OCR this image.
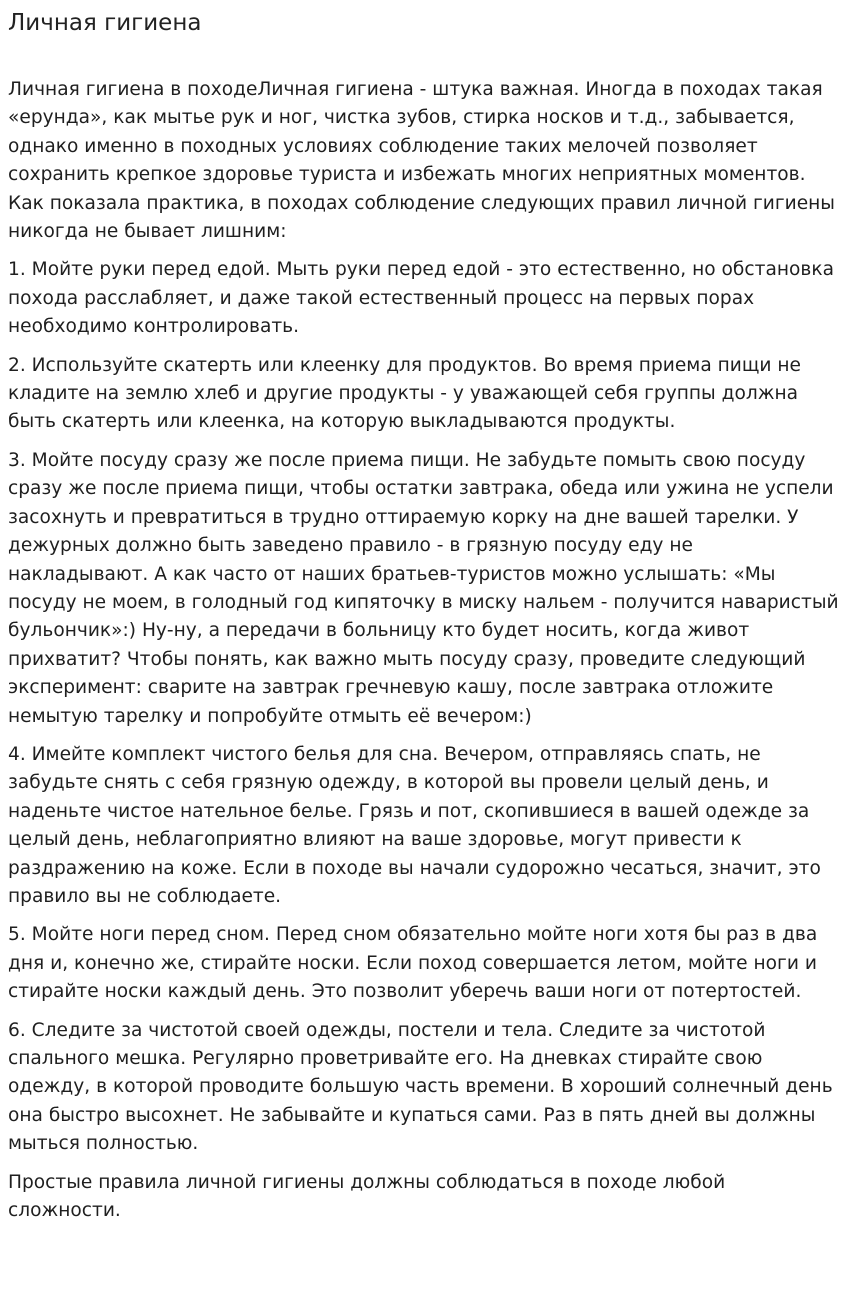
Личная гигиена

Личная гигиена в походеЛичная гигиена - штука важная. Иногда в походах такая «ерунда», как мытье рук и ног, чистка зубов, стирка носков и т.д., забывается, однако именно в походных условиях соблюдение таких мелочей позволяет сохранить крепкое здоровье туриста и избежать многих неприятных моментов. Как показала практика, в походах соблюдение следующих правил личной гигиены никогда не бывает лишним:

1. Мойте руки перед едой. Мыть руки перед едой - это естественно, но обстановка похода расслабляет, и даже такой естественный процесс на первых порах необходимо контролировать.

2. Используйте скатерть или клеенку для продуктов. Во время приема пищи не кладите на землю хлеб и другие продукты - у уважающей себя группы должна быть скатерть или клеенка, на которую выкладываются продукты.

3. Мойте посуду сразу же после приема пищи. Не забудьте помыть свою посуду сразу же после приема пищи, чтобы остатки завтрака, обеда или ужина не успели засохнуть и превратиться в трудно оттираемую корку на дне вашей тарелки. У дежурных должно быть заведено правило - в грязную посуду еду не накладывают. А как часто от наших братьев-туристов можно услышать: «Мы посуду не моем, в голодный год кипяточку в миску нальем - получится наваристый бульончик»:) Ну-ну, а передачи в больницу кто будет носить, когда живот прихватит? Чтобы понять, как важно мыть посуду сразу, проведите следующий эксперимент: сварите на завтрак гречневую кашу, после завтрака отложите немытую тарелку и попробуйте отмыть её вечером:)

4. Имейте комплект чистого белья для сна. Вечером, отправляясь спать, не забудьте снять с себя грязную одежду, в которой вы провели целый день, и наденьте чистое нательное белье. Грязь и пот, скопившиеся в вашей одежде за целый день, неблагоприятно влияют на ваше здоровье, могут привести к раздражению на коже. Если в походе вы начали судорожно чесаться, значит, это правило вы не соблюдаете.

5. Мойте ноги перед сном. Перед сном обязательно мойте ноги хотя бы раз в два дня и, конечно же, стирайте носки. Если поход совершается летом, мойте ноги и стирайте носки каждый день. Это позволит уберечь ваши ноги от потертостей.

6. Следите за чистотой своей одежды, постели и тела. Следите за чистотой спального мешка. Регулярно проветривайте его. На дневках стирайте свою одежду, в которой проводите большую часть времени. В хороший солнечный день она быстро высохнет. Не забывайте и купаться сами. Раз в пять дней вы должны мыться полностью.

Простые правила личной гигиены должны соблюдаться в походе любой сложности.
